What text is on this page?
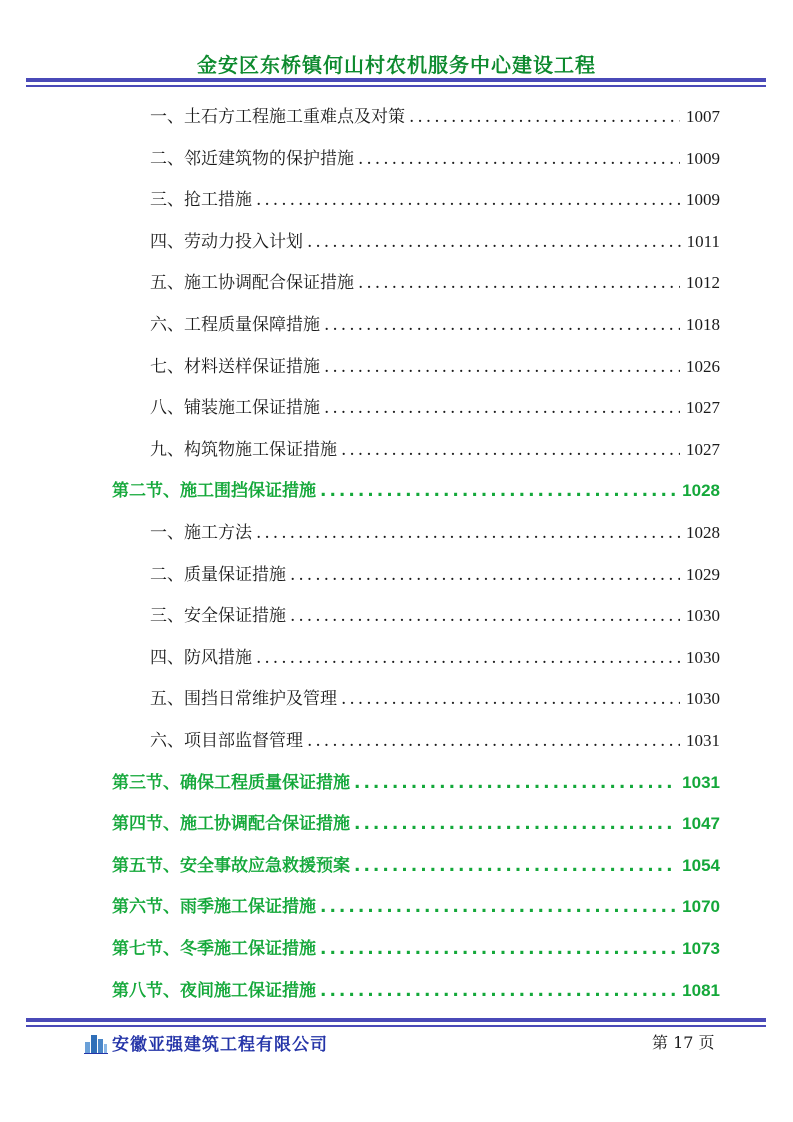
金安区东桥镇何山村农机服务中心建设工程
一、土石方工程施工重难点及对策 .....	1007
二、邻近建筑物的保护措施 .....	1009
三、抢工措施 .....	1009
四、劳动力投入计划 .....	1011
五、施工协调配合保证措施 .....	1012
六、工程质量保障措施 .....	1018
七、材料送样保证措施 .....	1026
八、铺装施工保证措施 .....	1027
九、构筑物施工保证措施 .....	1027
第二节、施工围挡保证措施 .....	1028
一、施工方法 .....	1028
二、质量保证措施 .....	1029
三、安全保证措施 .....	1030
四、防风措施 .....	1030
五、围挡日常维护及管理 .....	1030
六、项目部监督管理 .....	1031
第三节、确保工程质量保证措施 .....	1031
第四节、施工协调配合保证措施 .....	1047
第五节、安全事故应急救援预案 .....	1054
第六节、雨季施工保证措施 .....	1070
第七节、冬季施工保证措施 .....	1073
第八节、夜间施工保证措施 .....	1081
安徽亚强建筑工程有限公司	第 17 页
